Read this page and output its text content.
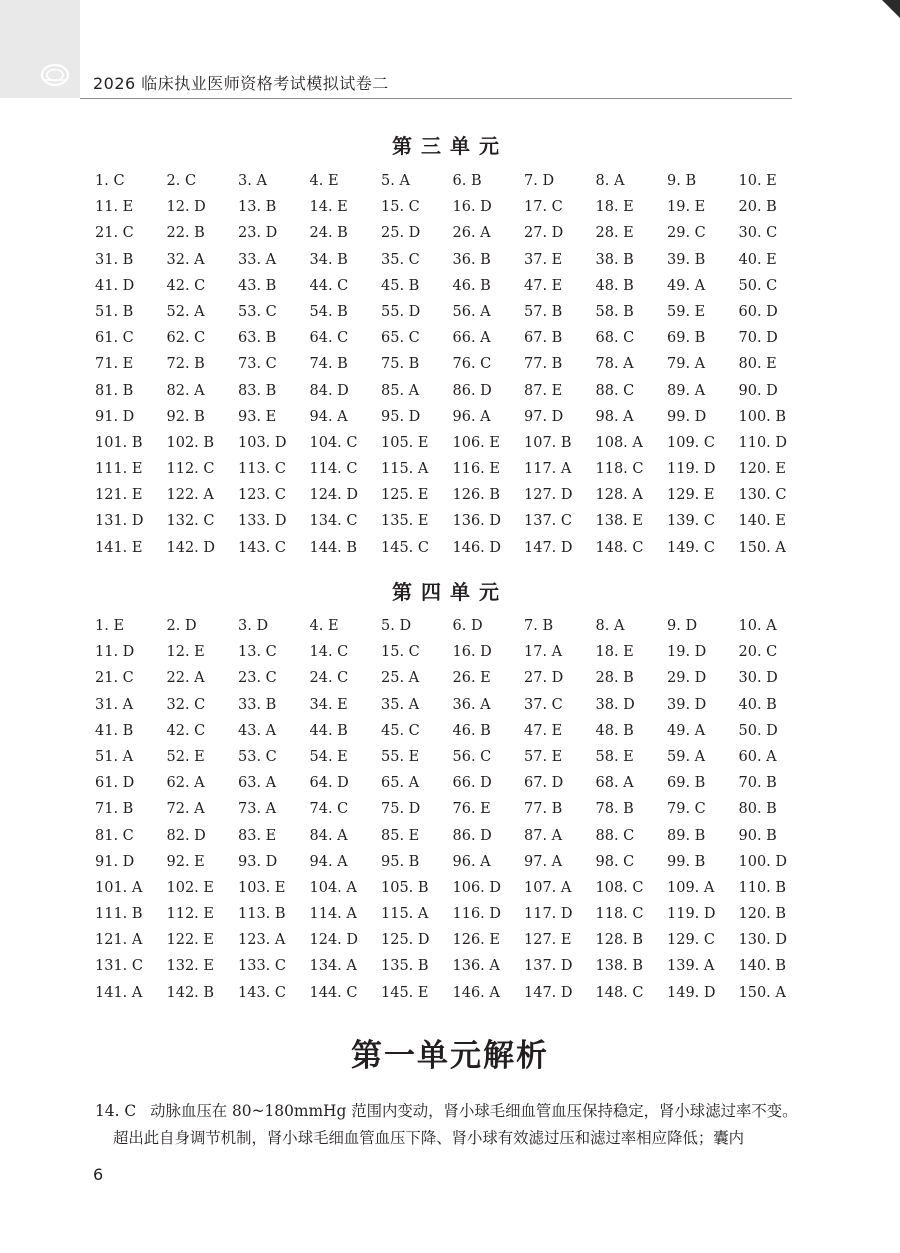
2026 临床执业医师资格考试模拟试卷二
第三单元
1. C	2. C	3. A	4. E	5. A	6. B	7. D	8. A	9. B	10. E
11. E	12. D	13. B	14. E	15. C	16. D	17. C	18. E	19. E	20. B
21. C	22. B	23. D	24. B	25. D	26. A	27. D	28. E	29. C	30. C
31. B	32. A	33. A	34. B	35. C	36. B	37. E	38. B	39. B	40. E
41. D	42. C	43. B	44. C	45. B	46. B	47. E	48. B	49. A	50. C
51. B	52. A	53. C	54. B	55. D	56. A	57. B	58. B	59. E	60. D
61. C	62. C	63. B	64. C	65. C	66. A	67. B	68. C	69. B	70. D
71. E	72. B	73. C	74. B	75. B	76. C	77. B	78. A	79. A	80. E
81. B	82. A	83. B	84. D	85. A	86. D	87. E	88. C	89. A	90. D
91. D	92. B	93. E	94. A	95. D	96. A	97. D	98. A	99. D	100. B
101. B	102. B	103. D	104. C	105. E	106. E	107. B	108. A	109. C	110. D
111. E	112. C	113. C	114. C	115. A	116. E	117. A	118. C	119. D	120. E
121. E	122. A	123. C	124. D	125. E	126. B	127. D	128. A	129. E	130. C
131. D	132. C	133. D	134. C	135. E	136. D	137. C	138. E	139. C	140. E
141. E	142. D	143. C	144. B	145. C	146. D	147. D	148. C	149. C	150. A
第四单元
1. E	2. D	3. D	4. E	5. D	6. D	7. B	8. A	9. D	10. A
11. D	12. E	13. C	14. C	15. C	16. D	17. A	18. E	19. D	20. C
21. C	22. A	23. C	24. C	25. A	26. E	27. D	28. B	29. D	30. D
31. A	32. C	33. B	34. E	35. A	36. A	37. C	38. D	39. D	40. B
41. B	42. C	43. A	44. B	45. C	46. B	47. E	48. B	49. A	50. D
51. A	52. E	53. C	54. E	55. E	56. C	57. E	58. E	59. A	60. A
61. D	62. A	63. A	64. D	65. A	66. D	67. D	68. A	69. B	70. B
71. B	72. A	73. A	74. C	75. D	76. E	77. B	78. B	79. C	80. B
81. C	82. D	83. E	84. A	85. E	86. D	87. A	88. C	89. B	90. B
91. D	92. E	93. D	94. A	95. B	96. A	97. A	98. C	99. B	100. D
101. A	102. E	103. E	104. A	105. B	106. D	107. A	108. C	109. A	110. B
111. B	112. E	113. B	114. A	115. A	116. D	117. D	118. C	119. D	120. B
121. A	122. E	123. A	124. D	125. D	126. E	127. E	128. B	129. C	130. D
131. C	132. E	133. C	134. A	135. B	136. A	137. D	138. B	139. A	140. B
141. A	142. B	143. C	144. C	145. E	146. A	147. D	148. C	149. D	150. A
第一单元解析
14. C 动脉血压在 80~180mmHg 范围内变动，肾小球毛细血管血压保持稳定，肾小球滤过率不变。
超出此自身调节机制，肾小球毛细血管血压下降、肾小球有效滤过压和滤过率相应降低；囊内
6
